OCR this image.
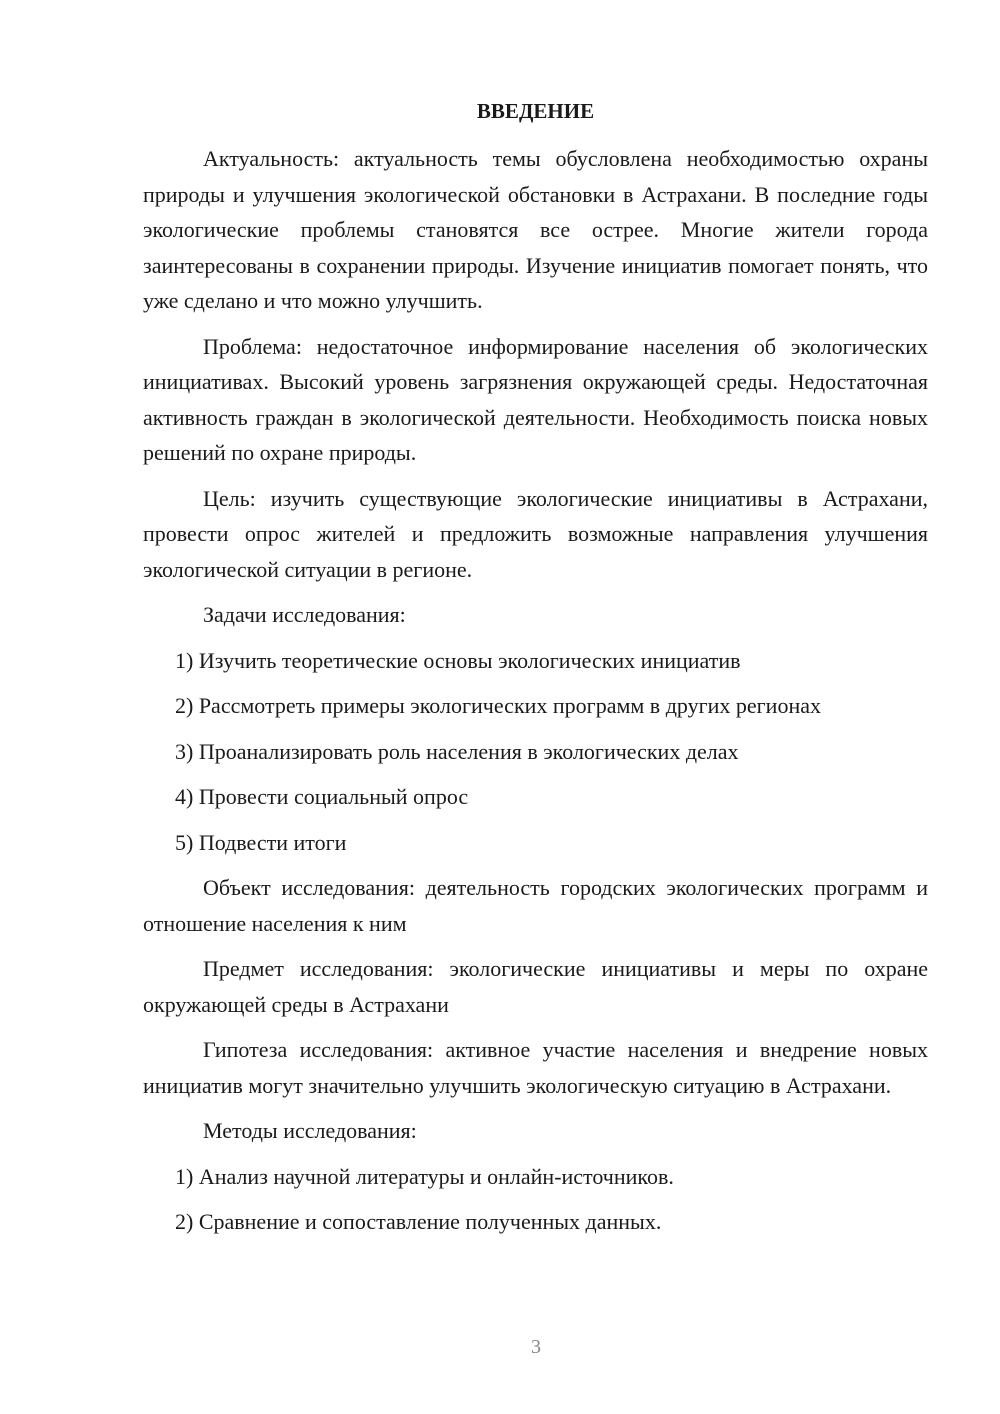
ВВЕДЕНИЕ

Актуальность: актуальность темы обусловлена необходимостью охраны природы и улучшения экологической обстановки в Астрахани. В последние годы экологические проблемы становятся все острее. Многие жители города заинтересованы в сохранении природы. Изучение инициатив помогает понять, что уже сделано и что можно улучшить.

Проблема: недостаточное информирование населения об экологических инициативах. Высокий уровень загрязнения окружающей среды. Недостаточная активность граждан в экологической деятельности. Необходимость поиска новых решений по охране природы.

Цель: изучить существующие экологические инициативы в Астрахани, провести опрос жителей и предложить возможные направления улучшения экологической ситуации в регионе.

Задачи исследования:

1) Изучить теоретические основы экологических инициатив

2) Рассмотреть примеры экологических программ в других регионах

3) Проанализировать роль населения в экологических делах

4) Провести социальный опрос

5) Подвести итоги

Объект исследования: деятельность городских экологических программ и отношение населения к ним

Предмет исследования: экологические инициативы и меры по охране окружающей среды в Астрахани

Гипотеза исследования: активное участие населения и внедрение новых инициатив могут значительно улучшить экологическую ситуацию в Астрахани.

Методы исследования:

1) Анализ научной литературы и онлайн-источников.

2) Сравнение и сопоставление полученных данных.

3
